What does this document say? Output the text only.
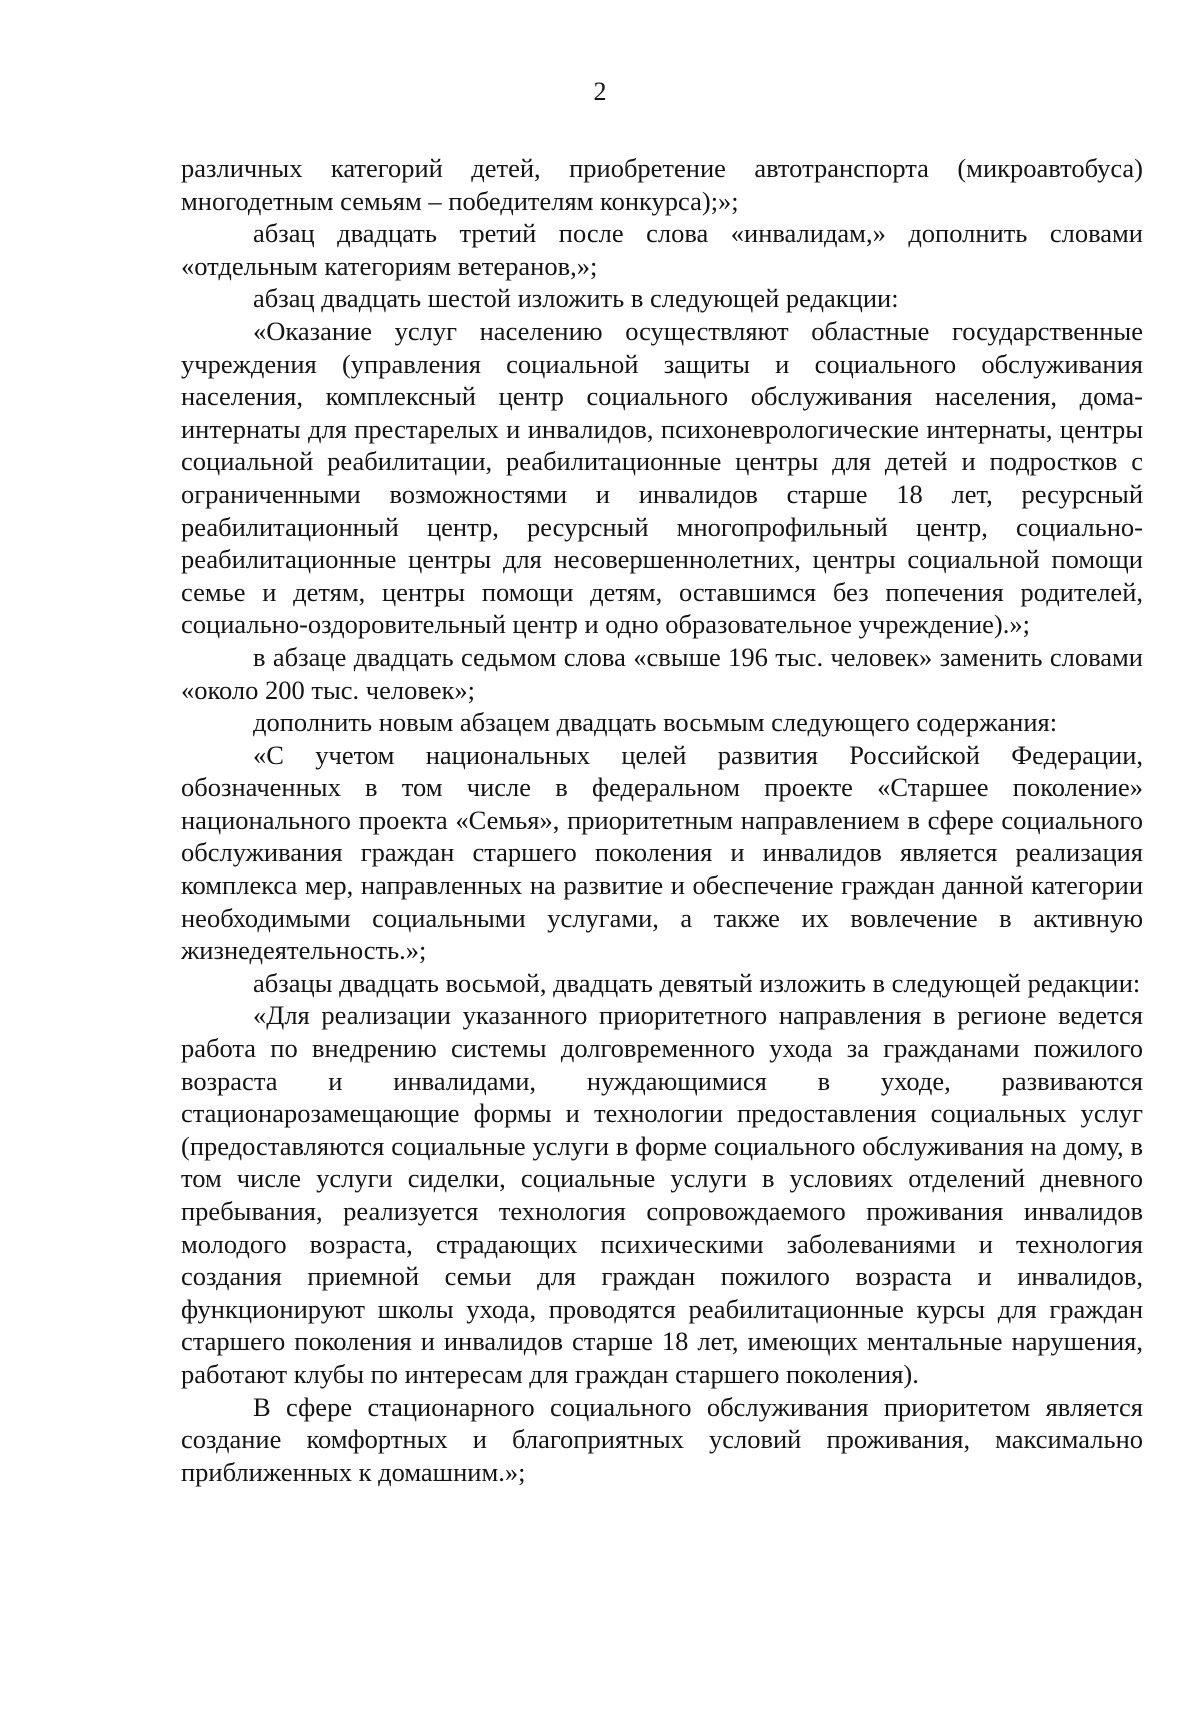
2

различных категорий детей, приобретение автотранспорта (микроавтобуса) многодетным семьям – победителям конкурса);»;

абзац двадцать третий после слова «инвалидам,» дополнить словами «отдельным категориям ветеранов,»;

абзац двадцать шестой изложить в следующей редакции:

«Оказание услуг населению осуществляют областные государственные учреждения (управления социальной защиты и социального обслуживания населения, комплексный центр социального обслуживания населения, дома-интернаты для престарелых и инвалидов, психоневрологические интернаты, центры социальной реабилитации, реабилитационные центры для детей и подростков с ограниченными возможностями и инвалидов старше 18 лет, ресурсный реабилитационный центр, ресурсный многопрофильный центр, социально-реабилитационные центры для несовершеннолетних, центры социальной помощи семье и детям, центры помощи детям, оставшимся без попечения родителей, социально-оздоровительный центр и одно образовательное учреждение).»;

в абзаце двадцать седьмом слова «свыше 196 тыс. человек» заменить словами «около 200 тыс. человек»;

дополнить новым абзацем двадцать восьмым следующего содержания:

«С учетом национальных целей развития Российской Федерации, обозначенных в том числе в федеральном проекте «Старшее поколение» национального проекта «Семья», приоритетным направлением в сфере социального обслуживания граждан старшего поколения и инвалидов является реализация комплекса мер, направленных на развитие и обеспечение граждан данной категории необходимыми социальными услугами, а также их вовлечение в активную жизнедеятельность.»;

абзацы двадцать восьмой, двадцать девятый изложить в следующей редакции:

«Для реализации указанного приоритетного направления в регионе ведется работа по внедрению системы долговременного ухода за гражданами пожилого возраста и инвалидами, нуждающимися в уходе, развиваются стационарозамещающие формы и технологии предоставления социальных услуг (предоставляются социальные услуги в форме социального обслуживания на дому, в том числе услуги сиделки, социальные услуги в условиях отделений дневного пребывания, реализуется технология сопровождаемого проживания инвалидов молодого возраста, страдающих психическими заболеваниями и технология создания приемной семьи для граждан пожилого возраста и инвалидов, функционируют школы ухода, проводятся реабилитационные курсы для граждан старшего поколения и инвалидов старше 18 лет, имеющих ментальные нарушения, работают клубы по интересам для граждан старшего поколения).

В сфере стационарного социального обслуживания приоритетом является создание комфортных и благоприятных условий проживания, максимально приближенных к домашним.»;
